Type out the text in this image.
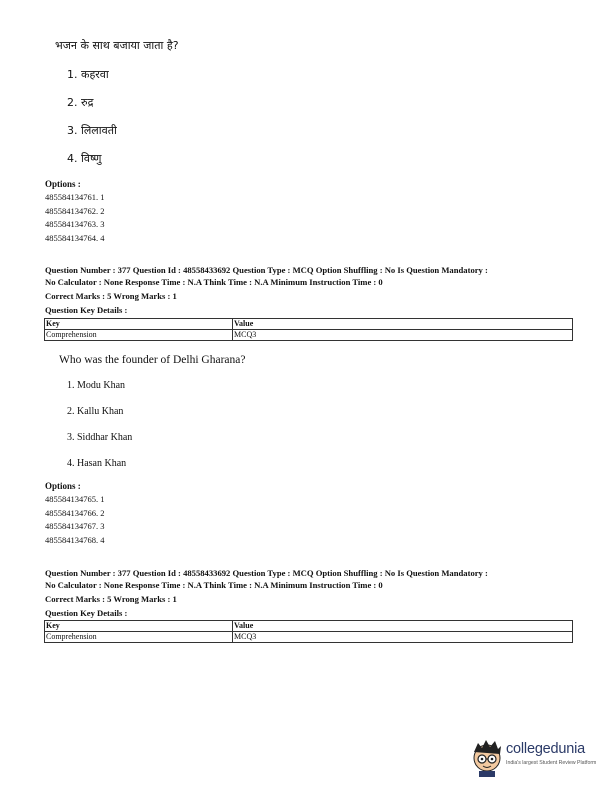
भजन के साथ बजाया जाता है?
1. कहरवा
2. रुद्र
3. लिलावती
4. विष्णु
Options :
485584134761. 1
485584134762. 2
485584134763. 3
485584134764. 4
Question Number : 377 Question Id : 48558433692 Question Type : MCQ Option Shuffling : No Is Question Mandatory :
No Calculator : None Response Time : N.A Think Time : N.A Minimum Instruction Time : 0
Correct Marks : 5 Wrong Marks : 1
Question Key Details :
Key	Value
Comprehension	MCQ3
Who was the founder of Delhi Gharana?
1. Modu Khan
2. Kallu Khan
3. Siddhar Khan
4. Hasan Khan
Options :
485584134765. 1
485584134766. 2
485584134767. 3
485584134768. 4
Question Number : 377 Question Id : 48558433692 Question Type : MCQ Option Shuffling : No Is Question Mandatory :
No Calculator : None Response Time : N.A Think Time : N.A Minimum Instruction Time : 0
Correct Marks : 5 Wrong Marks : 1
Question Key Details :
Key	Value
Comprehension	MCQ3
collegedunia
India's largest Student Review Platform
